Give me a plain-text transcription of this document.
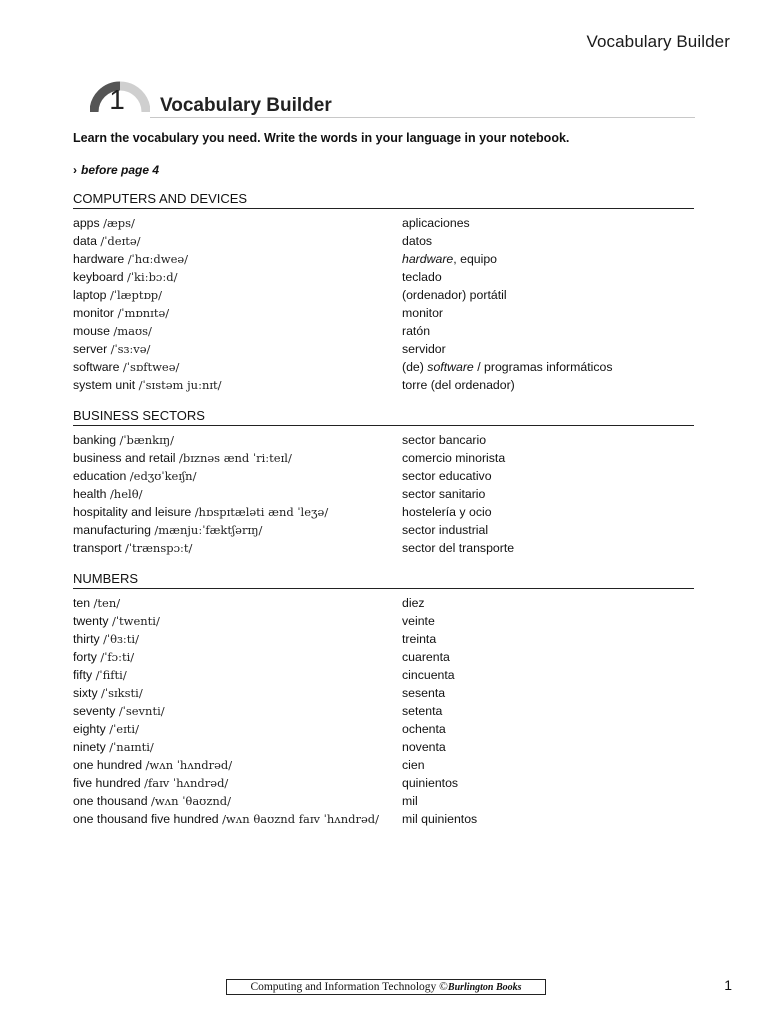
Vocabulary Builder
1	Vocabulary Builder
Learn the vocabulary you need. Write the words in your language in your notebook.
› before page 4
COMPUTERS AND DEVICES
apps /æps/	aplicaciones
data /ˈdeɪtə/	datos
hardware /ˈhɑːdweə/	hardware, equipo
keyboard /ˈkiːbɔːd/	teclado
laptop /ˈlæptɒp/	(ordenador) portátil
monitor /ˈmɒnɪtə/	monitor
mouse /maʊs/	ratón
server /ˈsɜːvə/	servidor
software /ˈsɒftweə/	(de) software / programas informáticos
system unit /ˈsɪstəm juːnɪt/	torre (del ordenador)
BUSINESS SECTORS
banking /ˈbænkɪŋ/	sector bancario
business and retail /bɪznəs ænd ˈriːteɪl/	comercio minorista
education /edʒʊˈkeɪʃn/	sector educativo
health /helθ/	sector sanitario
hospitality and leisure /hɒspɪtæləti ænd ˈleʒə/	hostelería y ocio
manufacturing /mænjuːˈfæktʃərɪŋ/	sector industrial
transport /ˈtrænspɔːt/	sector del transporte
NUMBERS
ten /ten/	diez
twenty /ˈtwenti/	veinte
thirty /ˈθɜːti/	treinta
forty /ˈfɔːti/	cuarenta
fifty /ˈfifti/	cincuenta
sixty /ˈsɪksti/	sesenta
seventy /ˈsevnti/	setenta
eighty /ˈeɪti/	ochenta
ninety /ˈnaɪnti/	noventa
one hundred /wʌn ˈhʌndrəd/	cien
five hundred /faɪv ˈhʌndrəd/	quinientos
one thousand /wʌn ˈθaʊznd/	mil
one thousand five hundred /wʌn θaʊznd faɪv ˈhʌndrəd/ mil quinientos
Computing and Information Technology ©Burlington Books	1
